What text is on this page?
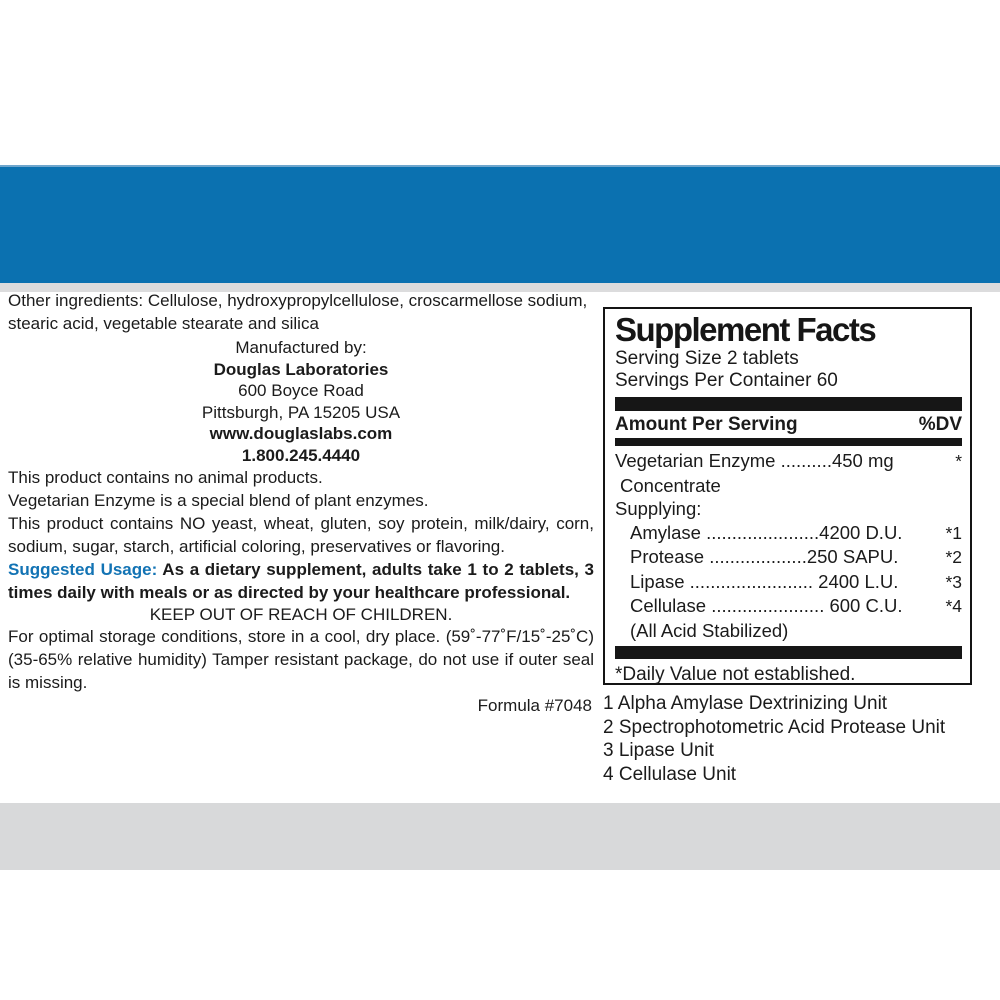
Other ingredients: Cellulose, hydroxypropylcellulose, croscarmellose sodium, stearic acid, vegetable stearate and silica

Manufactured by:
Douglas Laboratories
600 Boyce Road
Pittsburgh, PA 15205 USA
www.douglaslabs.com
1.800.245.4440

This product contains no animal products.

Vegetarian Enzyme is a special blend of plant enzymes.

This product contains NO yeast, wheat, gluten, soy protein, milk/dairy, corn, sodium, sugar, starch, artificial coloring, preservatives or flavoring.

Suggested Usage: As a dietary supplement, adults take 1 to 2 tablets, 3 times daily with meals or as directed by your healthcare professional.

KEEP OUT OF REACH OF CHILDREN.

For optimal storage conditions, store in a cool, dry place. (59˚-77˚F/15˚-25˚C) (35-65% relative humidity) Tamper resistant package, do not use if outer seal is missing.

Formula #7048

Supplement Facts
Serving Size 2 tablets
Servings Per Container 60
Amount Per Serving	%DV
Vegetarian Enzyme ..........450 mg	*
Concentrate
Supplying:
Amylase ......................4200 D.U.	*1
Protease ...................250 SAPU.	*2
Lipase ........................ 2400 L.U.	*3
Cellulase ...................... 600 C.U.	*4
(All Acid Stabilized)
*Daily Value not established.
1 Alpha Amylase Dextrinizing Unit
2 Spectrophotometric Acid Protease Unit
3 Lipase Unit
4 Cellulase Unit
